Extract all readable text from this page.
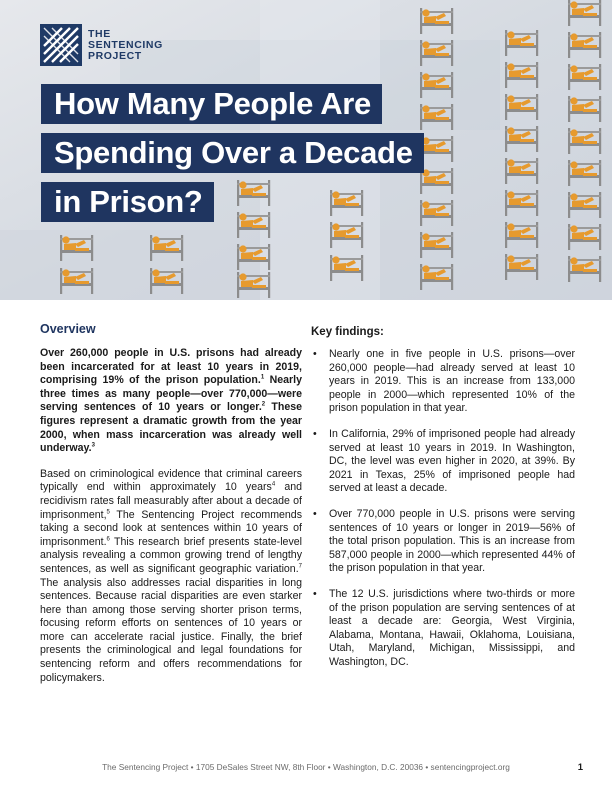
THE
SENTENCING
PROJECT
How Many People Are
Spending Over a Decade
in Prison?
Overview

Over 260,000 people in U.S. prisons had already been incarcerated for at least 10 years in 2019, comprising 19% of the prison population.$^1$ Nearly three times as many people—over 770,000—were serving sentences of 10 years or longer.$^2$ These figures represent a dramatic growth from the year 2000, when mass incarceration was already well underway.$^3$

Based on criminological evidence that criminal careers typically end within approximately 10 years$^4$ and recidivism rates fall measurably after about a decade of imprisonment,$^5$ The Sentencing Project recommends taking a second look at sentences within 10 years of imprisonment.$^6$ This research brief presents state-level analysis revealing a common growing trend of lengthy sentences, as well as significant geographic variation.$^7$ The analysis also addresses racial disparities in long sentences. Because racial disparities are even starker here than among those serving shorter prison terms, focusing reform efforts on sentences of 10 years or more can accelerate racial justice. Finally, the brief presents the criminological and legal foundations for sentencing reform and offers recommendations for policymakers.

Key findings:
• Nearly one in five people in U.S. prisons—over 260,000 people—had already served at least 10 years in 2019. This is an increase from 133,000 people in 2000—which represented 10% of the prison population in that year.
• In California, 29% of imprisoned people had already served at least 10 years in 2019. In Washington, DC, the level was even higher in 2020, at 39%. By 2021 in Texas, 25% of imprisoned people had served at least a decade.
• Over 770,000 people in U.S. prisons were serving sentences of 10 years or longer in 2019—56% of the total prison population. This is an increase from 587,000 people in 2000—which represented 44% of the prison population in that year.
• The 12 U.S. jurisdictions where two-thirds or more of the prison population are serving sentences of at least a decade are: Georgia, West Virginia, Alabama, Montana, Hawaii, Oklahoma, Louisiana, Utah, Maryland, Michigan, Mississippi, and Washington, DC.
The Sentencing Project • 1705 DeSales Street NW, 8th Floor • Washington, D.C. 20036 • sentencingproject.org	1
